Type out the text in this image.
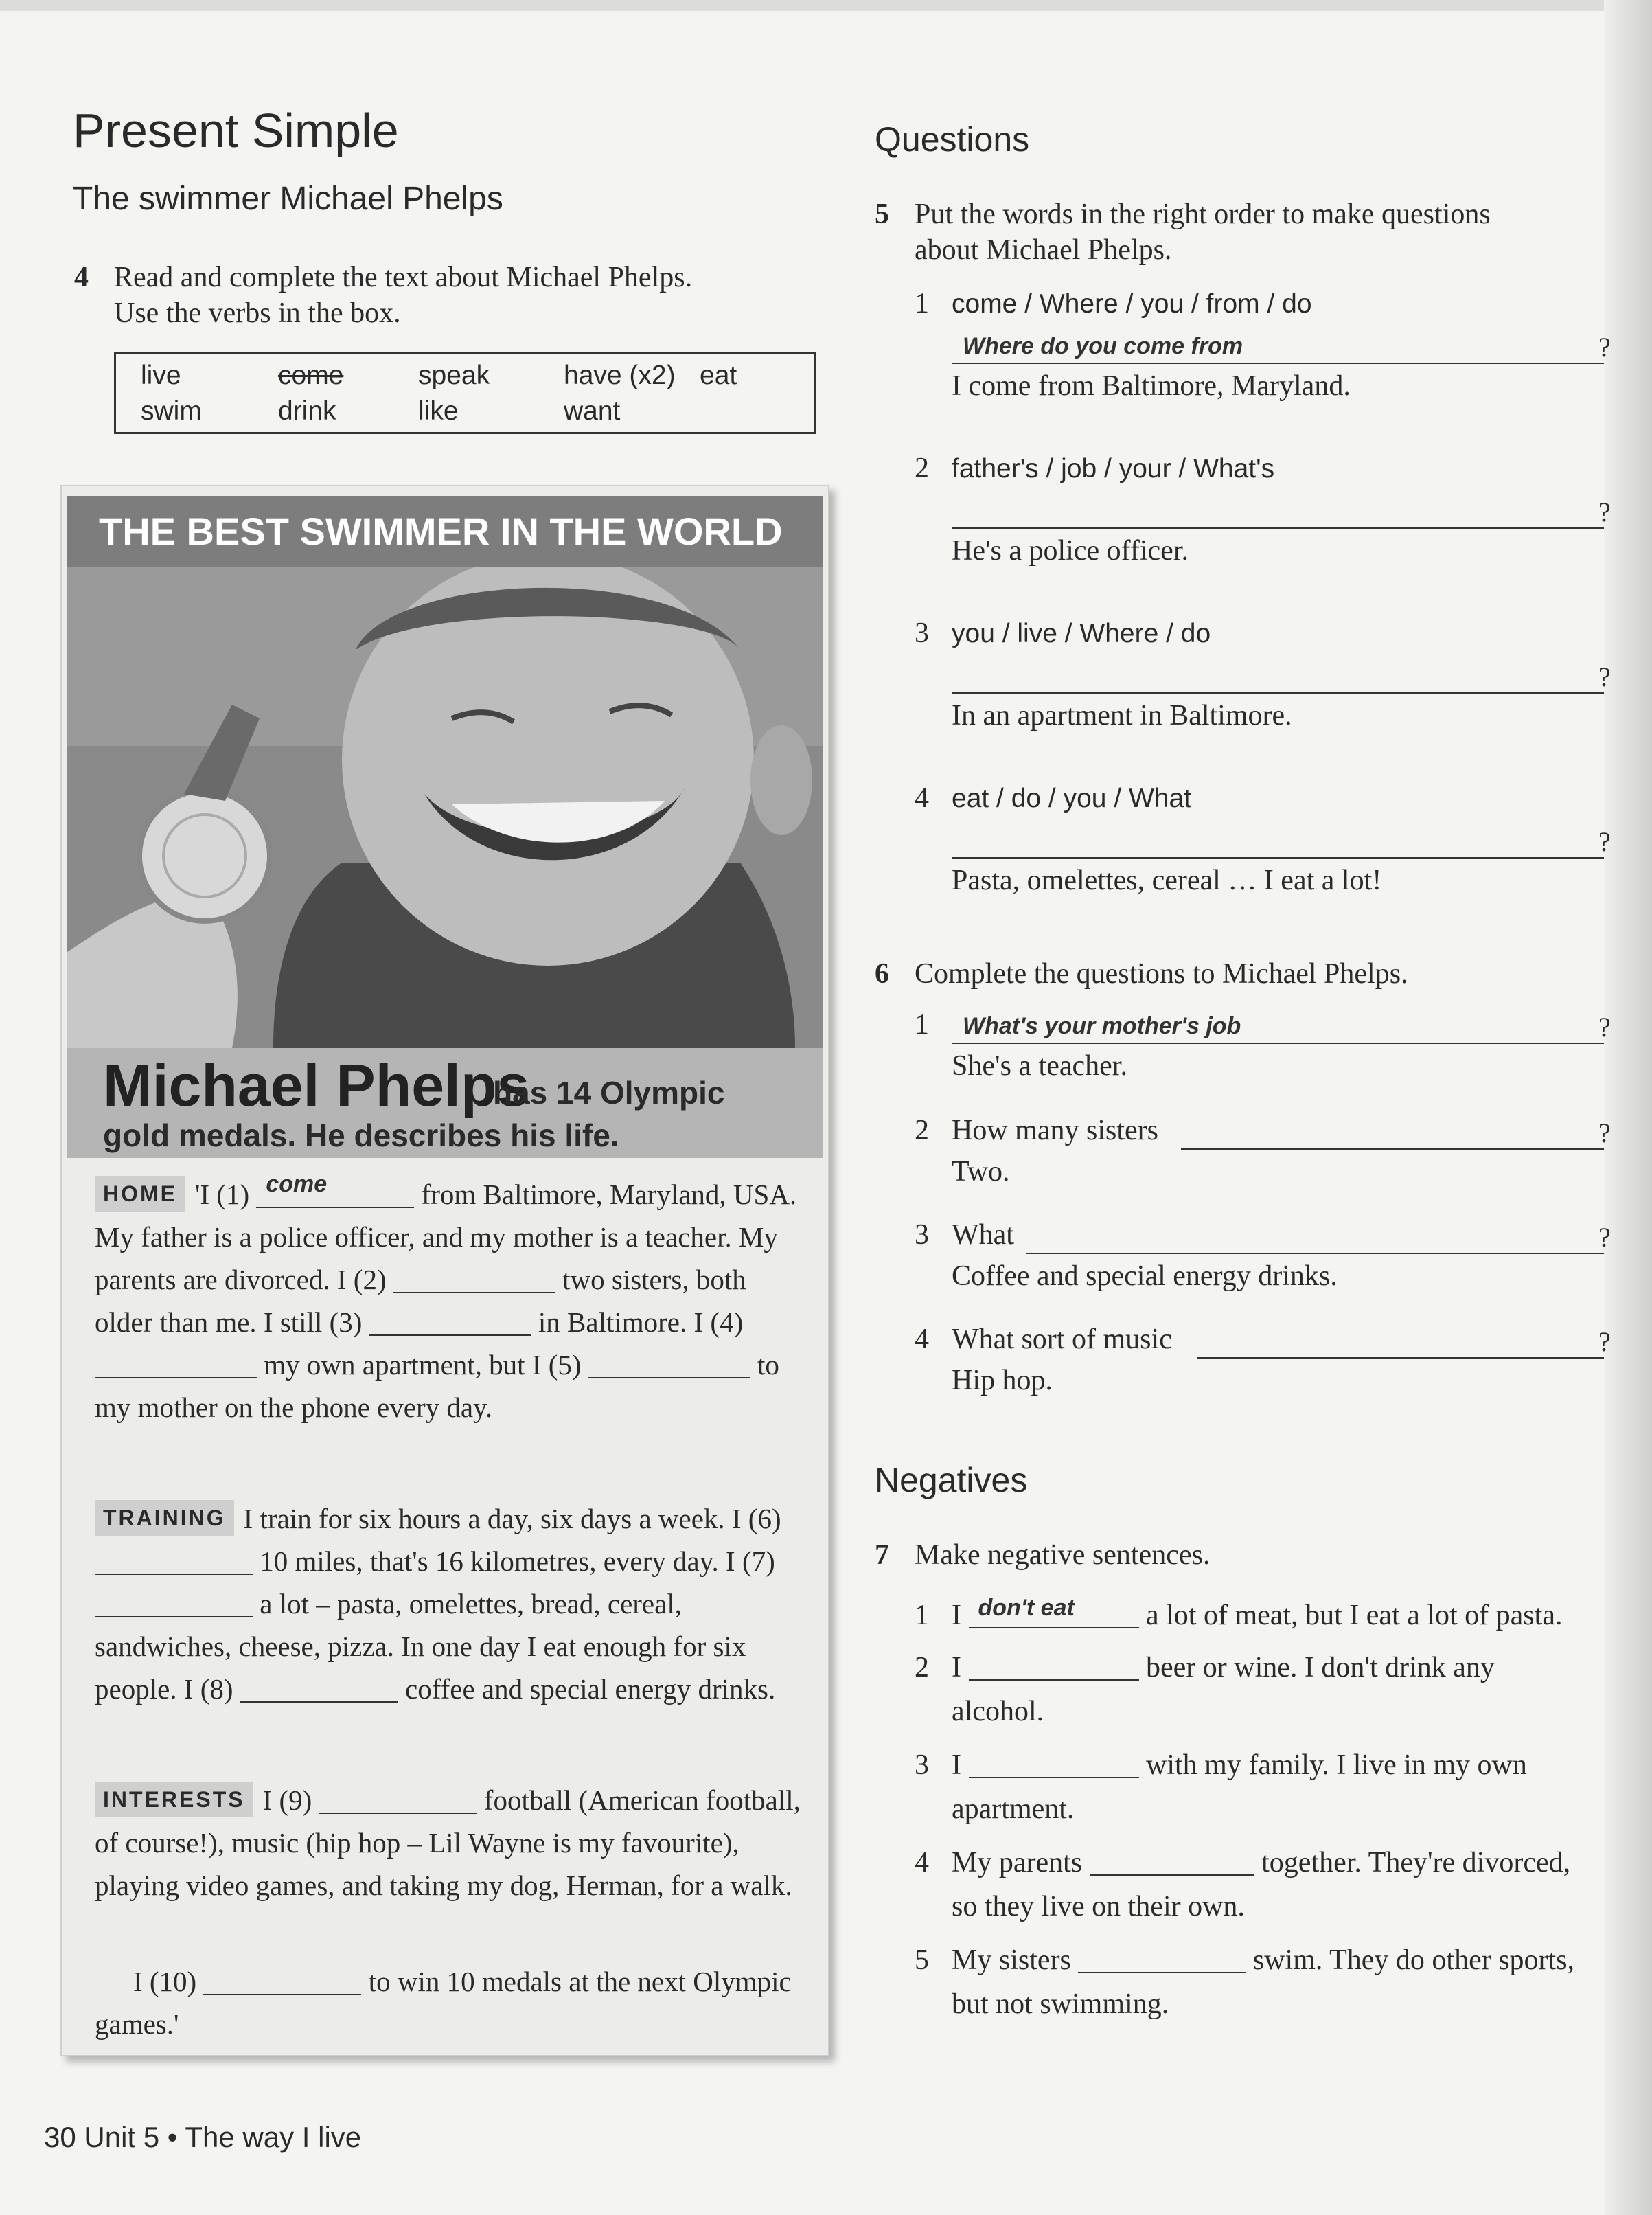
Present Simple
The swimmer Michael Phelps
4 Read and complete the text about Michael Phelps.
Use the verbs in the box.
live	come	speak	have (x2) eat
swim	drink	like	want
THE BEST SWIMMER IN THE WORLD
Michael Phelps
has 14 Olympic
gold medals. He describes his life.
HOME 'I (1) come	from Baltimore, Maryland, USA. My father is a police officer, and my mother is a teacher. My parents are divorced. I (2)	two sisters, both older than me. I still (3)	in Baltimore. I (4)  my own apartment, but I (5)	to my mother on the phone every day.
TRAINING I train for six hours a day, six days a week. I (6)  10 miles, that's 16 kilometres, every day. I (7)  a lot – pasta, omelettes, bread, cereal, sandwiches, cheese, pizza. In one day I eat enough for six people. I (8)	coffee and special energy drinks.
INTERESTS I (9)	football (American football, of course!), music (hip hop – Lil Wayne is my favourite), playing video games, and taking my dog, Herman, for a walk.
I (10)	to win 10 medals at the next Olympic games.'
Questions
5 Put the words in the right order to make questions
about Michael Phelps.
1 come / Where / you / from / do
Where do you come from	?
I come from Baltimore, Maryland.
2 father's / job / your / What's
?
He's a police officer.
3 you / live / Where / do
?
In an apartment in Baltimore.
4 eat / do / you / What
?
Pasta, omelettes, cereal … I eat a lot!
6 Complete the questions to Michael Phelps.
1 What's your mother's job	?
She's a teacher.
2 How many sisters	?
Two.
3 What	?
Coffee and special energy drinks.
4 What sort of music	?
Hip hop.
Negatives
7 Make negative sentences.
1 I don't eat a lot of meat, but I eat a lot of pasta.
2 I	beer or wine. I don't drink any
alcohol.
3 I	with my family. I live in my own
apartment.
4 My parents	together. They're divorced,
so they live on their own.
5 My sisters	swim. They do other sports,
but not swimming.
30 Unit 5 • The way I live
